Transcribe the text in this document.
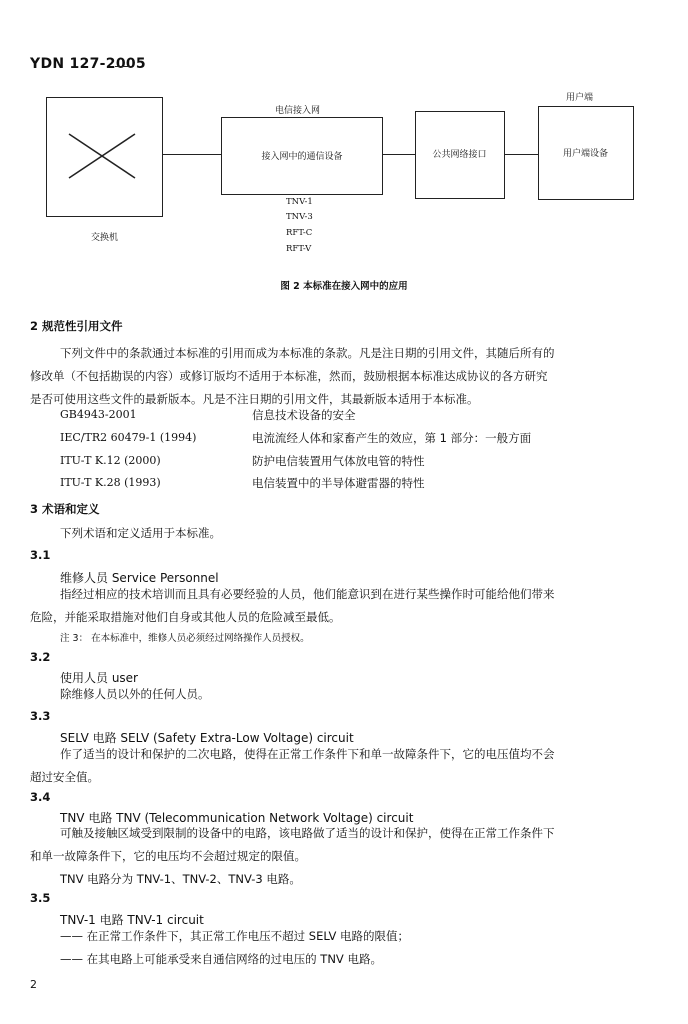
YDN 127-2005
用户端
电信接入网
接入网中的通信设备	公共网络接口	用户端设备
TNV-1
TNV-3
RFT-C
RFT-V
交换机
图 2 本标准在接入网中的应用
2 规范性引用文件
下列文件中的条款通过本标准的引用而成为本标准的条款。凡是注日期的引用文件，其随后所有的
修改单（不包括勘误的内容）或修订版均不适用于本标准，然而，鼓励根据本标准达成协议的各方研究
是否可使用这些文件的最新版本。凡是不注日期的引用文件，其最新版本适用于本标准。
GB4943-2001	信息技术设备的安全
IEC/TR2 60479-1 (1994)	电流流经人体和家畜产生的效应，第 1 部分：一般方面
ITU-T K.12 (2000)	防护电信装置用气体放电管的特性
ITU-T K.28 (1993)	电信装置中的半导体避雷器的特性
3 术语和定义
下列术语和定义适用于本标准。
3.1
维修人员 Service Personnel
指经过相应的技术培训而且具有必要经验的人员，他们能意识到在进行某些操作时可能给他们带来
危险，并能采取措施对他们自身或其他人员的危险减至最低。
注 3： 在本标准中，维修人员必须经过网络操作人员授权。
3.2
使用人员 user
除维修人员以外的任何人员。
3.3
SELV 电路 SELV (Safety Extra-Low Voltage) circuit
作了适当的设计和保护的二次电路，使得在正常工作条件下和单一故障条件下，它的电压值均不会
超过安全值。
3.4
TNV 电路 TNV (Telecommunication Network Voltage) circuit
可触及接触区域受到限制的设备中的电路，该电路做了适当的设计和保护，使得在正常工作条件下
和单一故障条件下，它的电压均不会超过规定的限值。
TNV 电路分为 TNV-1、TNV-2、TNV-3 电路。
3.5
TNV-1 电路 TNV-1 circuit
—— 在正常工作条件下，其正常工作电压不超过 SELV 电路的限值；
—— 在其电路上可能承受来自通信网络的过电压的 TNV 电路。
2
